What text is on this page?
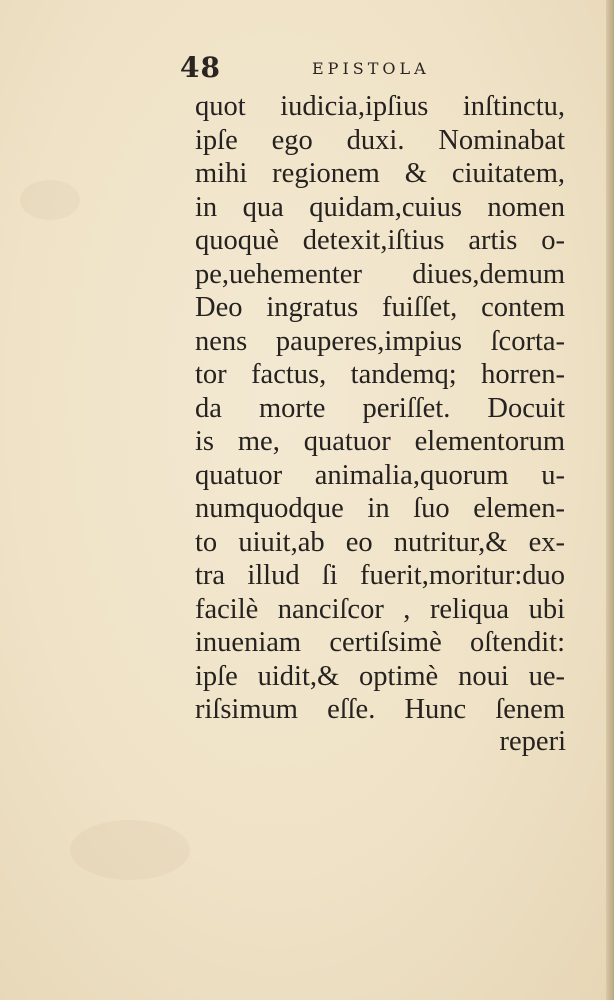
48	EPISTOLA
quot iudicia,ipſius inſtinctu,
ipſe ego duxi. Nominabat
mihi regionem & ciuitatem,
in qua quidam,cuius nomen
quoquè detexit,iſtius artis o-
pe,uehementer diues,demum
Deo ingratus fuiſſet, contem
nens pauperes,impius ſcorta-
tor factus, tandemq; horren-
da morte periſſet. Docuit
is me, quatuor elementorum
quatuor animalia,quorum u-
numquodque in ſuo elemen-
to uiuit,ab eo nutritur,& ex-
tra illud ſi fuerit,moritur:duo
facilè nanciſcor , reliqua ubi
inueniam certiſsimè oſtendit:
ipſe uidit,& optimè noui ue-
riſsimum eſſe. Hunc ſenem
reperi
